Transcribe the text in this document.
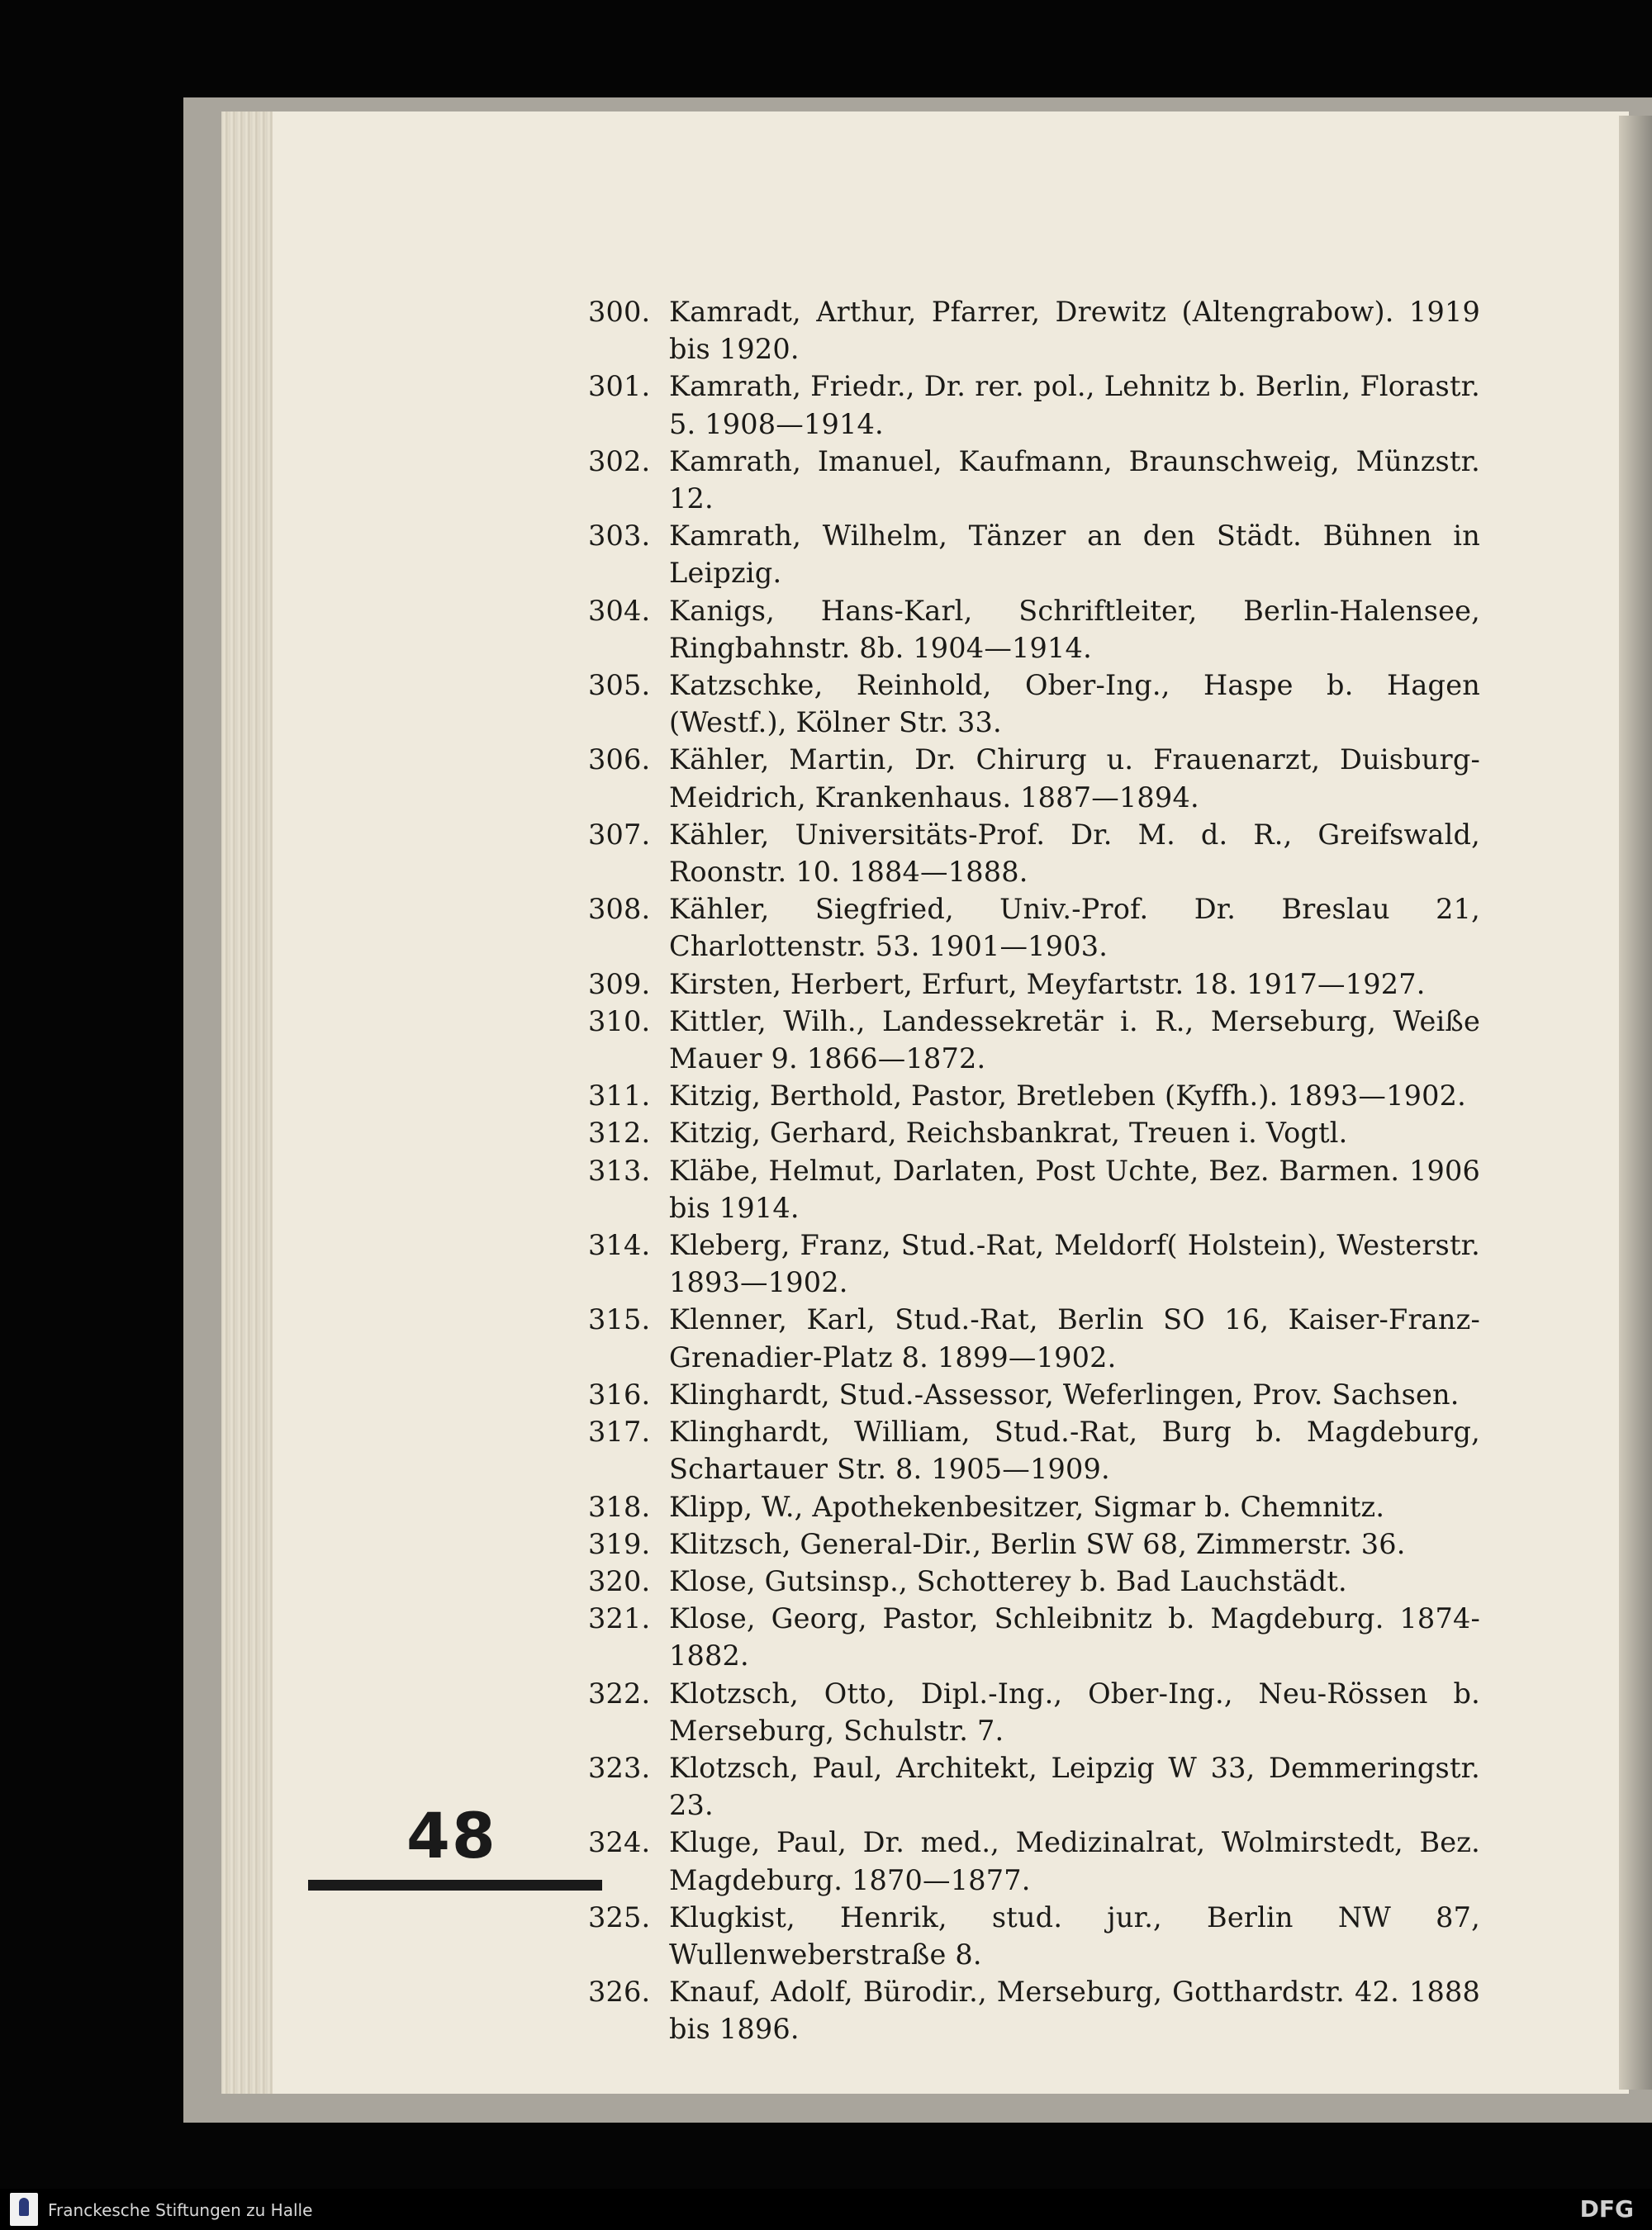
300. Kamradt, Arthur, Pfarrer, Drewitz (Altengrabow). 1919 bis 1920.
301. Kamrath, Friedr., Dr. rer. pol., Lehnitz b. Berlin, Florastr. 5. 1908—1914.
302. Kamrath, Imanuel, Kaufmann, Braunschweig, Münzstr. 12.
303. Kamrath, Wilhelm, Tänzer an den Städt. Bühnen in Leipzig.
304. Kanigs, Hans-Karl, Schriftleiter, Berlin-Halensee, Ringbahnstr. 8b. 1904—1914.
305. Katzschke, Reinhold, Ober-Ing., Haspe b. Hagen (Westf.), Kölner Str. 33.
306. Kähler, Martin, Dr. Chirurg u. Frauenarzt, Duisburg-Meidrich, Krankenhaus. 1887—1894.
307. Kähler, Universitäts-Prof. Dr. M. d. R., Greifswald, Roonstr. 10. 1884—1888.
308. Kähler, Siegfried, Univ.-Prof. Dr. Breslau 21, Charlottenstr. 53. 1901—1903.
309. Kirsten, Herbert, Erfurt, Meyfartstr. 18. 1917—1927.
310. Kittler, Wilh., Landessekretär i. R., Merseburg, Weiße Mauer 9. 1866—1872.
311. Kitzig, Berthold, Pastor, Bretleben (Kyffh.). 1893—1902.
312. Kitzig, Gerhard, Reichsbankrat, Treuen i. Vogtl.
313. Kläbe, Helmut, Darlaten, Post Uchte, Bez. Barmen. 1906 bis 1914.
314. Kleberg, Franz, Stud.-Rat, Meldorf( Holstein), Westerstr. 1893—1902.
315. Klenner, Karl, Stud.-Rat, Berlin SO 16, Kaiser-Franz-Grenadier-Platz 8. 1899—1902.
316. Klinghardt, Stud.-Assessor, Weferlingen, Prov. Sachsen.
317. Klinghardt, William, Stud.-Rat, Burg b. Magdeburg, Schartauer Str. 8. 1905—1909.
318. Klipp, W., Apothekenbesitzer, Sigmar b. Chemnitz.
319. Klitzsch, General-Dir., Berlin SW 68, Zimmerstr. 36.
320. Klose, Gutsinsp., Schotterey b. Bad Lauchstädt.
321. Klose, Georg, Pastor, Schleibnitz b. Magdeburg. 1874-1882.
322. Klotzsch, Otto, Dipl.-Ing., Ober-Ing., Neu-Rössen b. Merseburg, Schulstr. 7.
323. Klotzsch, Paul, Architekt, Leipzig W 33, Demmeringstr. 23.
324. Kluge, Paul, Dr. med., Medizinalrat, Wolmirstedt, Bez. Magdeburg. 1870—1877.
325. Klugkist, Henrik, stud. jur., Berlin NW 87, Wullenweberstraße 8.
326. Knauf, Adolf, Bürodir., Merseburg, Gotthardstr. 42. 1888 bis 1896.
48
Franckesche Stiftungen zu Halle	DFG
